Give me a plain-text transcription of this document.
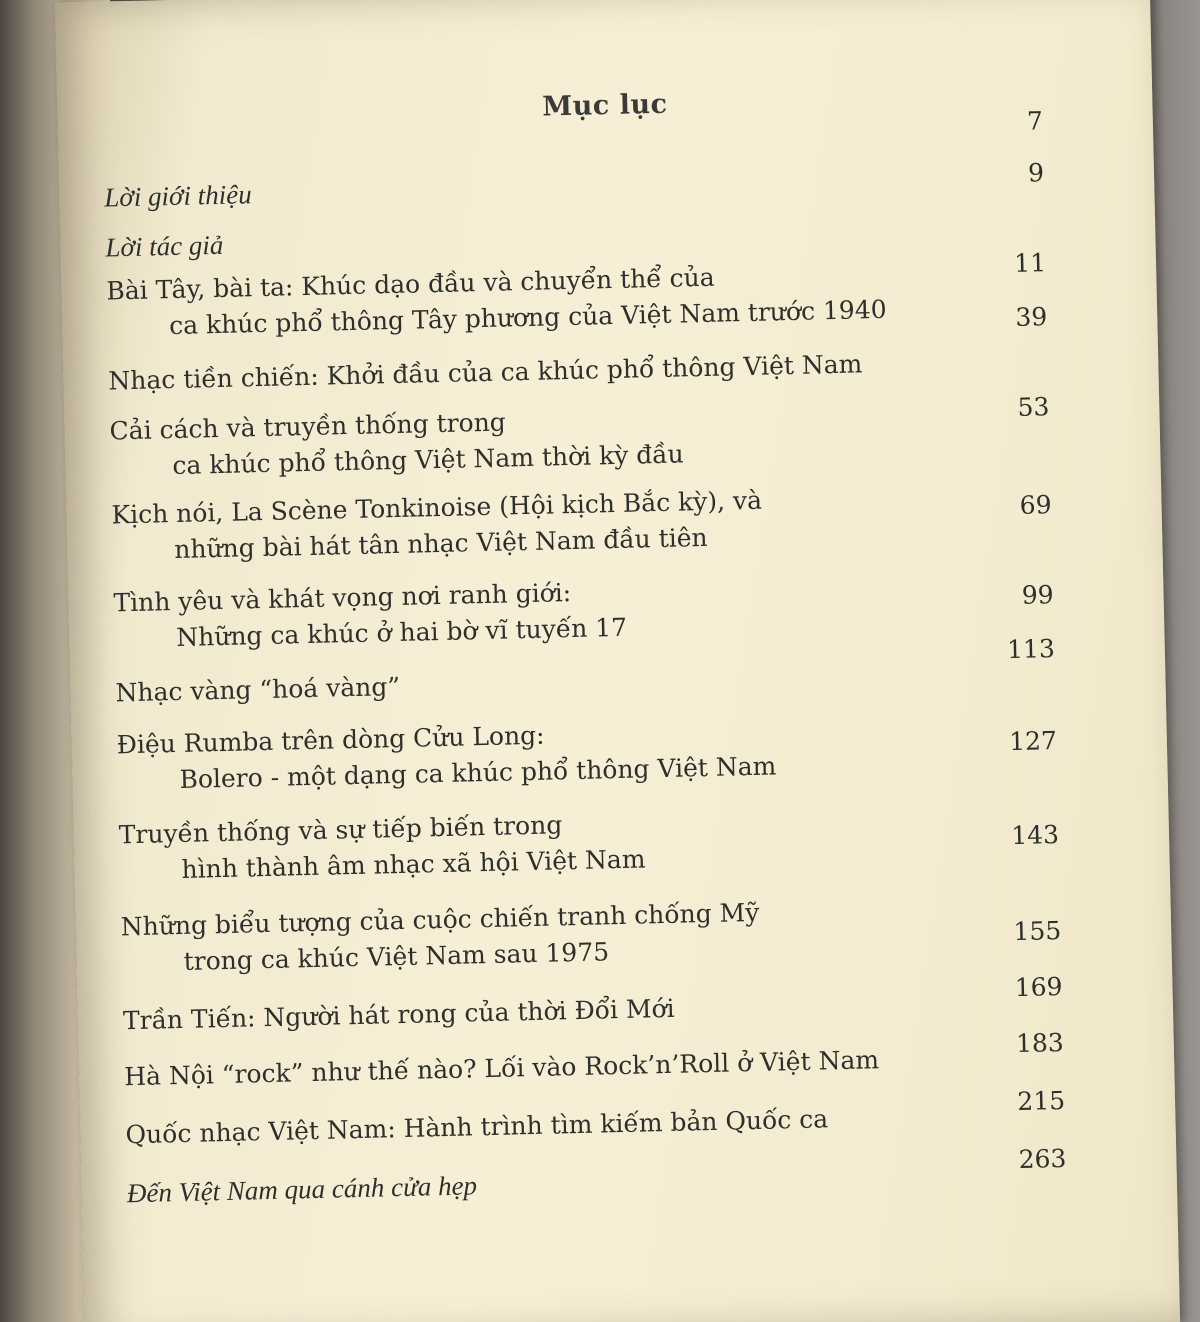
Mục lục
Lời giới thiệu
7
Lời tác giả
9
Bài Tây, bài ta: Khúc dạo đầu và chuyển thể của
ca khúc phổ thông Tây phương của Việt Nam trước 1940
11
Nhạc tiền chiến: Khởi đầu của ca khúc phổ thông Việt Nam
39
Cải cách và truyền thống trong
ca khúc phổ thông Việt Nam thời kỳ đầu
53
Kịch nói, La Scène Tonkinoise (Hội kịch Bắc kỳ), và
những bài hát tân nhạc Việt Nam đầu tiên
69
Tình yêu và khát vọng nơi ranh giới:
Những ca khúc ở hai bờ vĩ tuyến 17
99
Nhạc vàng “hoá vàng”
113
Điệu Rumba trên dòng Cửu Long:
Bolero - một dạng ca khúc phổ thông Việt Nam
127
Truyền thống và sự tiếp biến trong
hình thành âm nhạc xã hội Việt Nam
143
Những biểu tượng của cuộc chiến tranh chống Mỹ
trong ca khúc Việt Nam sau 1975
155
Trần Tiến: Người hát rong của thời Đổi Mới
169
Hà Nội “rock” như thế nào? Lối vào Rock’n’Roll ở Việt Nam
183
Quốc nhạc Việt Nam: Hành trình tìm kiếm bản Quốc ca
215
Đến Việt Nam qua cánh cửa hẹp
263
